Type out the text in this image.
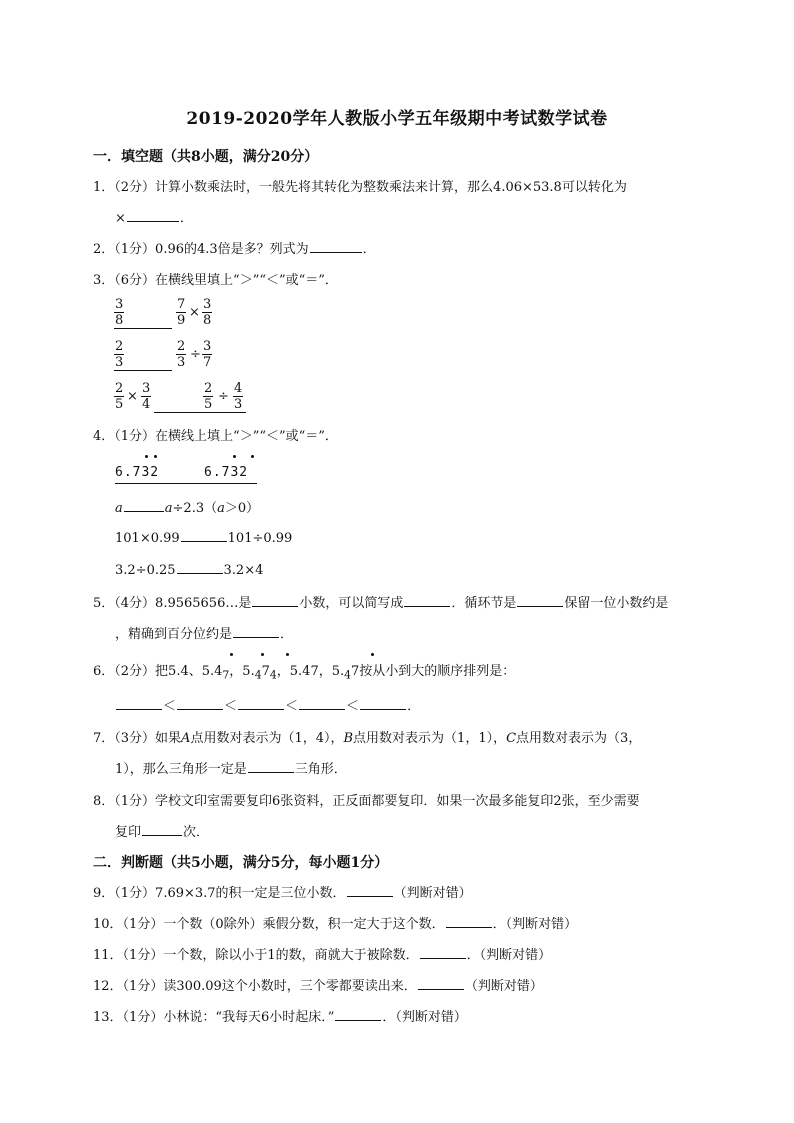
2019-2020学年人教版小学五年级期中考试数学试卷
一．填空题（共8小题，满分20分）
1．（2分）计算小数乘法时，一般先将其转化为整数乘法来计算，那么4.06×53.8可以转化为
×	．
2．（1分）0.96的4.3倍是多？列式为	．
3．（6分）在横线里填上“＞”“＜”或“＝”．
$\frac{3}{8}$	$\frac{7}{9} \times \frac{3}{8}$
$\frac{2}{3}$	$\frac{2}{3} \div \frac{3}{7}$
$\frac{2}{5} \times \frac{3}{4}$	$\frac{2}{5} \div \frac{4}{3}$
4．（1分）在横线上填上“＞”“＜”或“＝”．
6.732	6.732
a	a÷2.3（a＞0）
101×0.99	101÷0.99
3.2÷0.25	3.2×4
5．（4分）8.9565656…是	小数，可以简写成	．循环节是	保留一位小数约是
，精确到百分位约是	．
6．（2分）把5.4、$5.4_7$，$5._47_4$，5.47，$5._47$按从小到大的顺序排列是：
＜	＜	＜	＜	．
7．（3分）如果A点用数对表示为（1，4），B点用数对表示为（1，1），C点用数对表示为（3，
1），那么三角形一定是	三角形．
8．（1分）学校文印室需要复印6张资料，正反面都要复印．如果一次最多能复印2张，至少需要
复印	次．
二．判断题（共5小题，满分5分，每小题1分）
9．（1分）7.69×3.7的积一定是三位小数．	（判断对错）
10．（1分）一个数（0除外）乘假分数，积一定大于这个数．	．（判断对错）
11．（1分）一个数，除以小于1的数，商就大于被除数．	．（判断对错）
12．（1分）读300.09这个小数时，三个零都要读出来．	（判断对错）
13．（1分）小林说：“我每天6小时起床．”	．（判断对错）
